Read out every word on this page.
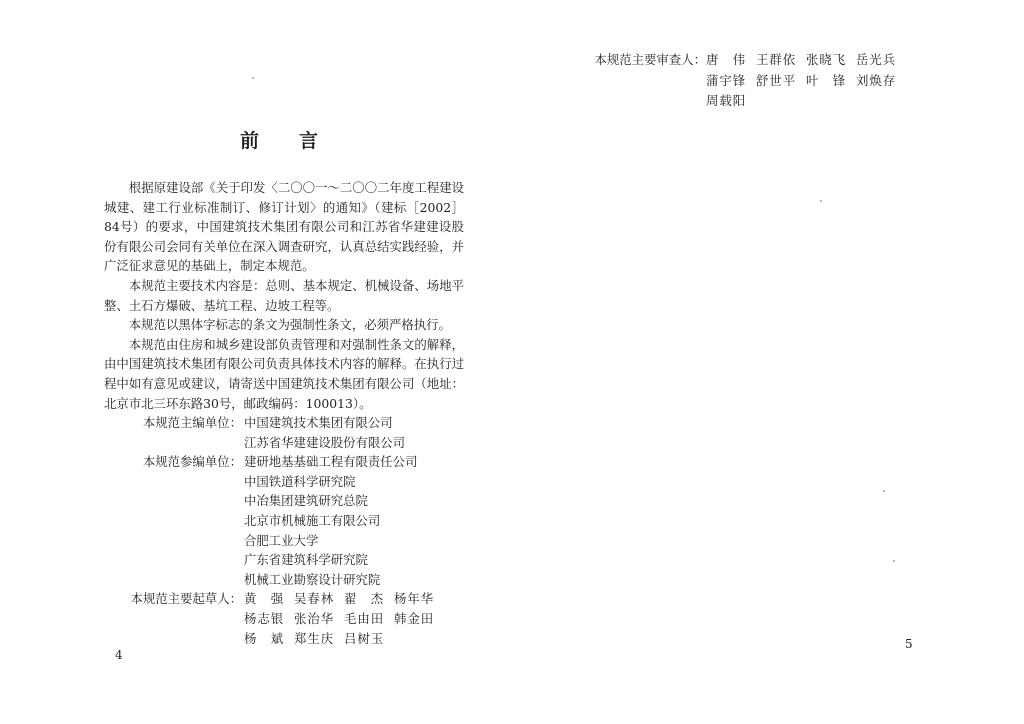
前 言

根据原建设部《关于印发〈二〇〇一～二〇〇二年度工程建设城建、建工行业标准制订、修订计划〉的通知》（建标［2002］84号）的要求，中国建筑技术集团有限公司和江苏省华建建设股份有限公司会同有关单位在深入调查研究，认真总结实践经验，并广泛征求意见的基础上，制定本规范。

本规范主要技术内容是：总则、基本规定、机械设备、场地平整、土石方爆破、基坑工程、边坡工程等。

本规范以黑体字标志的条文为强制性条文，必须严格执行。

本规范由住房和城乡建设部负责管理和对强制性条文的解释，由中国建筑技术集团有限公司负责具体技术内容的解释。在执行过程中如有意见或建议，请寄送中国建筑技术集团有限公司（地址：北京市北三环东路30号，邮政编码：100013）。

本规范主编单位： 中国建筑技术集团有限公司
江苏省华建建设股份有限公司
本规范参编单位： 建研地基基础工程有限责任公司
中国铁道科学研究院
中冶集团建筑研究总院
北京市机械施工有限公司
合肥工业大学
广东省建筑科学研究院
机械工业勘察设计研究院
本规范主要起草人： 黄　强 吴春林 翟　杰 杨年华
杨志银 张治华 毛由田 韩金田
杨　斌 郑生庆 吕树玉
4
本规范主要审查人： 唐　伟 王群依 张晓飞 岳光兵
蒲宇锋 舒世平 叶　锋 刘焕存
周载阳
5
